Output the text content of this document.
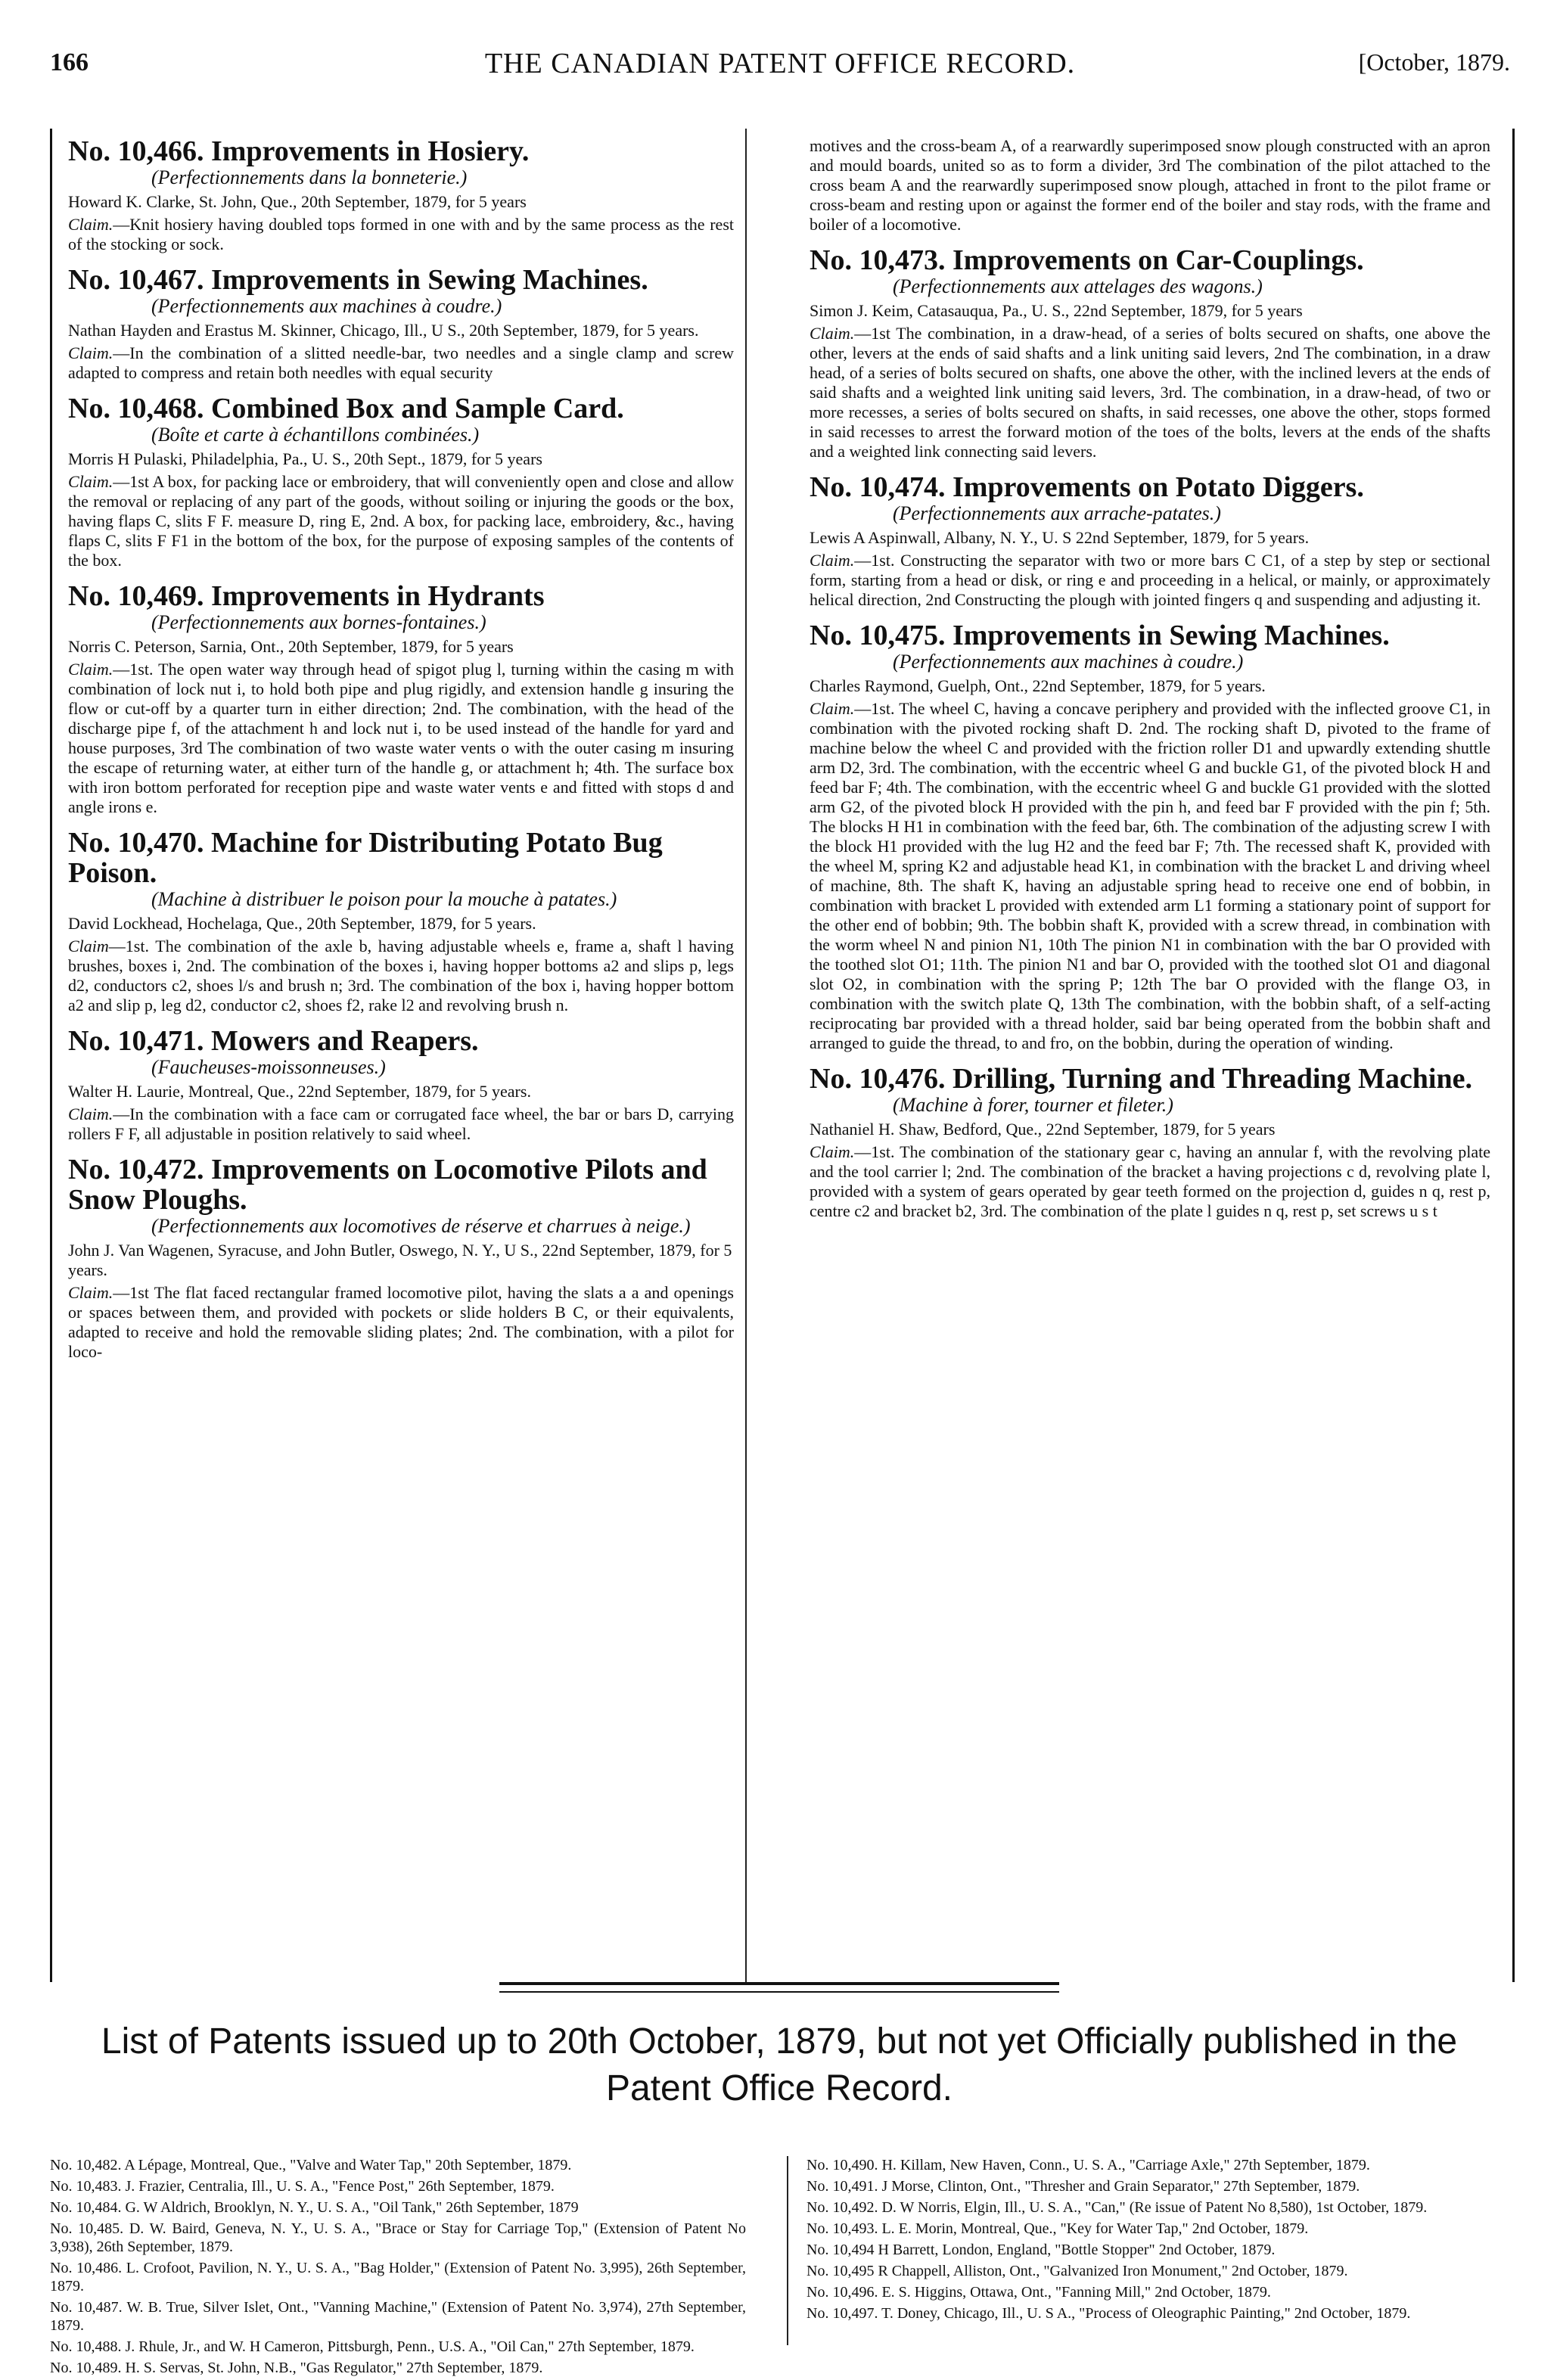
166	THE CANADIAN PATENT OFFICE RECORD.	[October, 1879.
No. 10,466. Improvements in Hosiery.
(Perfectionnements dans la bonneterie.)
Howard K. Clarke, St. John, Que., 20th September, 1879, for 5 years
Claim.—Knit hosiery having doubled tops formed in one with and by the same process as the rest of the stocking or sock.
No. 10,467. Improvements in Sewing Machines.
(Perfectionnements aux machines à coudre.)
Nathan Hayden and Erastus M. Skinner, Chicago, Ill., U S., 20th September, 1879, for 5 years.
Claim.—In the combination of a slitted needle-bar, two needles and a single clamp and screw adapted to compress and retain both needles with equal security
No. 10,468. Combined Box and Sample Card.
(Boîte et carte à échantillons combinées.)
Morris H Pulaski, Philadelphia, Pa., U. S., 20th Sept., 1879, for 5 years
Claim.—1st A box, for packing lace or embroidery, that will conveniently open and close and allow the removal or replacing of any part of the goods, without soiling or injuring the goods or the box, having flaps C, slits F F. measure D, ring E, 2nd. A box, for packing lace, embroidery, &c., having flaps C, slits F F1 in the bottom of the box, for the purpose of exposing samples of the contents of the box.
No. 10,469. Improvements in Hydrants
(Perfectionnements aux bornes-fontaines.)
Norris C. Peterson, Sarnia, Ont., 20th September, 1879, for 5 years
Claim.—1st. The open water way through head of spigot plug l, turning within the casing m with combination of lock nut i, to hold both pipe and plug rigidly, and extension handle g insuring the flow or cut-off by a quarter turn in either direction; 2nd. The combination, with the head of the discharge pipe f, of the attachment h and lock nut i, to be used instead of the handle for yard and house purposes, 3rd The combination of two waste water vents o with the outer casing m insuring the escape of returning water, at either turn of the handle g, or attachment h; 4th. The surface box with iron bottom perforated for reception pipe and waste water vents e and fitted with stops d and angle irons e.
No. 10,470. Machine for Distributing Potato Bug Poison.
(Machine à distribuer le poison pour la mouche à patates.)
David Lockhead, Hochelaga, Que., 20th September, 1879, for 5 years.
Claim—1st. The combination of the axle b, having adjustable wheels e, frame a, shaft l having brushes, boxes i, 2nd. The combination of the boxes i, having hopper bottoms a2 and slips p, legs d2, conductors c2, shoes l/s and brush n; 3rd. The combination of the box i, having hopper bottom a2 and slip p, leg d2, conductor c2, shoes f2, rake l2 and revolving brush n.
No. 10,471. Mowers and Reapers.
(Faucheuses-moissonneuses.)
Walter H. Laurie, Montreal, Que., 22nd September, 1879, for 5 years.
Claim.—In the combination with a face cam or corrugated face wheel, the bar or bars D, carrying rollers F F, all adjustable in position relatively to said wheel.
No. 10,472. Improvements on Locomotive Pilots and Snow Ploughs.
(Perfectionnements aux locomotives de réserve et charrues à neige.)
John J. Van Wagenen, Syracuse, and John Butler, Oswego, N. Y., U S., 22nd September, 1879, for 5 years.
Claim.—1st The flat faced rectangular framed locomotive pilot, having the slats a a and openings or spaces between them, and provided with pockets or slide holders B C, or their equivalents, adapted to receive and hold the removable sliding plates; 2nd. The combination, with a pilot for loco-
motives and the cross-beam A, of a rearwardly superimposed snow plough constructed with an apron and mould boards, united so as to form a divider, 3rd The combination of the pilot attached to the cross beam A and the rearwardly superimposed snow plough, attached in front to the pilot frame or cross-beam and resting upon or against the former end of the boiler and stay rods, with the frame and boiler of a locomotive.
No. 10,473. Improvements on Car-Couplings.
(Perfectionnements aux attelages des wagons.)
Simon J. Keim, Catasauqua, Pa., U. S., 22nd September, 1879, for 5 years
Claim.—1st The combination, in a draw-head, of a series of bolts secured on shafts, one above the other, levers at the ends of said shafts and a link uniting said levers, 2nd The combination, in a draw head, of a series of bolts secured on shafts, one above the other, with the inclined levers at the ends of said shafts and a weighted link uniting said levers, 3rd. The combination, in a draw-head, of two or more recesses, a series of bolts secured on shafts, in said recesses, one above the other, stops formed in said recesses to arrest the forward motion of the toes of the bolts, levers at the ends of the shafts and a weighted link connecting said levers.
No. 10,474. Improvements on Potato Diggers.
(Perfectionnements aux arrache-patates.)
Lewis A Aspinwall, Albany, N. Y., U. S 22nd September, 1879, for 5 years.
Claim.—1st. Constructing the separator with two or more bars C C1, of a step by step or sectional form, starting from a head or disk, or ring e and proceeding in a helical, or mainly, or approximately helical direction, 2nd Constructing the plough with jointed fingers q and suspending and adjusting it.
No. 10,475. Improvements in Sewing Machines.
(Perfectionnements aux machines à coudre.)
Charles Raymond, Guelph, Ont., 22nd September, 1879, for 5 years.
Claim.—1st. The wheel C, having a concave periphery and provided with the inflected groove C1, in combination with the pivoted rocking shaft D. 2nd. The rocking shaft D, pivoted to the frame of machine below the wheel C and provided with the friction roller D1 and upwardly extending shuttle arm D2, 3rd. The combination, with the eccentric wheel G and buckle G1, of the pivoted block H and feed bar F; 4th. The combination, with the eccentric wheel G and buckle G1 provided with the slotted arm G2, of the pivoted block H provided with the pin h, and feed bar F provided with the pin f; 5th. The blocks H H1 in combination with the feed bar, 6th. The combination of the adjusting screw I with the block H1 provided with the lug H2 and the feed bar F; 7th. The recessed shaft K, provided with the wheel M, spring K2 and adjustable head K1, in combination with the bracket L and driving wheel of machine, 8th. The shaft K, having an adjustable spring head to receive one end of bobbin, in combination with bracket L provided with extended arm L1 forming a stationary point of support for the other end of bobbin; 9th. The bobbin shaft K, provided with a screw thread, in combination with the worm wheel N and pinion N1, 10th The pinion N1 in combination with the bar O provided with the toothed slot O1; 11th. The pinion N1 and bar O, provided with the toothed slot O1 and diagonal slot O2, in combination with the spring P; 12th The bar O provided with the flange O3, in combination with the switch plate Q, 13th The combination, with the bobbin shaft, of a self-acting reciprocating bar provided with a thread holder, said bar being operated from the bobbin shaft and arranged to guide the thread, to and fro, on the bobbin, during the operation of winding.
No. 10,476. Drilling, Turning and Threading Machine.
(Machine à forer, tourner et fileter.)
Nathaniel H. Shaw, Bedford, Que., 22nd September, 1879, for 5 years
Claim.—1st. The combination of the stationary gear c, having an annular f, with the revolving plate and the tool carrier l; 2nd. The combination of the bracket a having projections c d, revolving plate l, provided with a system of gears operated by gear teeth formed on the projection d, guides n q, rest p, centre c2 and bracket b2, 3rd. The combination of the plate l guides n q, rest p, set screws u s t
List of Patents issued up to 20th October, 1879, but not yet Officially published in the Patent Office Record.
No. 10,482. A Lépage, Montreal, Que., "Valve and Water Tap," 20th September, 1879.
No. 10,483. J. Frazier, Centralia, Ill., U. S. A., "Fence Post," 26th September, 1879.
No. 10,484. G. W Aldrich, Brooklyn, N. Y., U. S. A., "Oil Tank," 26th September, 1879
No. 10,485. D. W. Baird, Geneva, N. Y., U. S. A., "Brace or Stay for Carriage Top," (Extension of Patent No 3,938), 26th September, 1879.
No. 10,486. L. Crofoot, Pavilion, N. Y., U. S. A., "Bag Holder," (Extension of Patent No. 3,995), 26th September, 1879.
No. 10,487. W. B. True, Silver Islet, Ont., "Vanning Machine," (Extension of Patent No. 3,974), 27th September, 1879.
No. 10,488. J. Rhule, Jr., and W. H Cameron, Pittsburgh, Penn., U.S. A., "Oil Can," 27th September, 1879.
No. 10,489. H. S. Servas, St. John, N.B., "Gas Regulator," 27th September, 1879.
No. 10,490. H. Killam, New Haven, Conn., U. S. A., "Carriage Axle," 27th September, 1879.
No. 10,491. J Morse, Clinton, Ont., "Thresher and Grain Separator," 27th September, 1879.
No. 10,492. D. W Norris, Elgin, Ill., U. S. A., "Can," (Re issue of Patent No 8,580), 1st October, 1879.
No. 10,493. L. E. Morin, Montreal, Que., "Key for Water Tap," 2nd October, 1879.
No. 10,494 H Barrett, London, England, "Bottle Stopper" 2nd October, 1879.
No. 10,495 R Chappell, Alliston, Ont., "Galvanized Iron Monument," 2nd October, 1879.
No. 10,496. E. S. Higgins, Ottawa, Ont., "Fanning Mill," 2nd October, 1879.
No. 10,497. T. Doney, Chicago, Ill., U. S A., "Process of Oleographic Painting," 2nd October, 1879.
